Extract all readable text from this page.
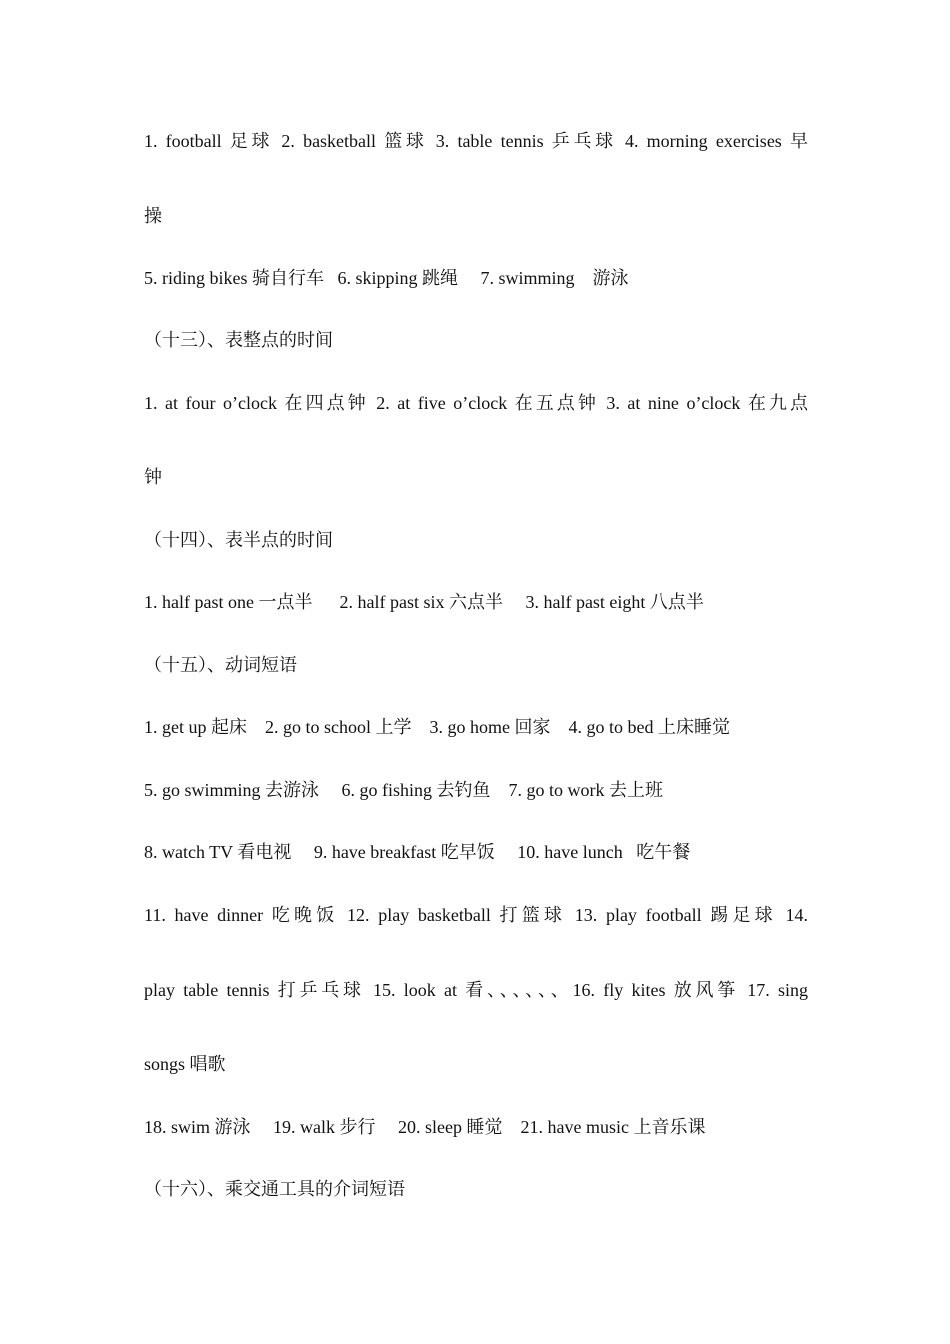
1. football 足球 2. basketball 篮球 3. table tennis 乒乓球 4. morning exercises 早
操
5. riding bikes 骑自行车   6. skipping 跳绳     7. swimming    游泳
（十三）、表整点的时间
1. at four o’clock 在四点钟 2. at five o’clock 在五点钟 3. at nine o’clock 在九点
钟
（十四）、表半点的时间
1. half past one 一点半      2. half past six 六点半     3. half past eight 八点半
（十五）、动词短语
1. get up 起床    2. go to school 上学    3. go home 回家    4. go to bed 上床睡觉
5. go swimming 去游泳     6. go fishing 去钓鱼    7. go to work 去上班
8. watch TV 看电视     9. have breakfast 吃早饭     10. have lunch   吃午餐
11. have dinner 吃晚饭 12. play basketball 打篮球 13. play football 踢足球 14.
play table tennis 打乒乓球 15. look at 看、、、、、、16. fly kites 放风筝 17. sing
songs 唱歌
18. swim 游泳     19. walk 步行     20. sleep 睡觉    21. have music 上音乐课
（十六）、乘交通工具的介词短语
